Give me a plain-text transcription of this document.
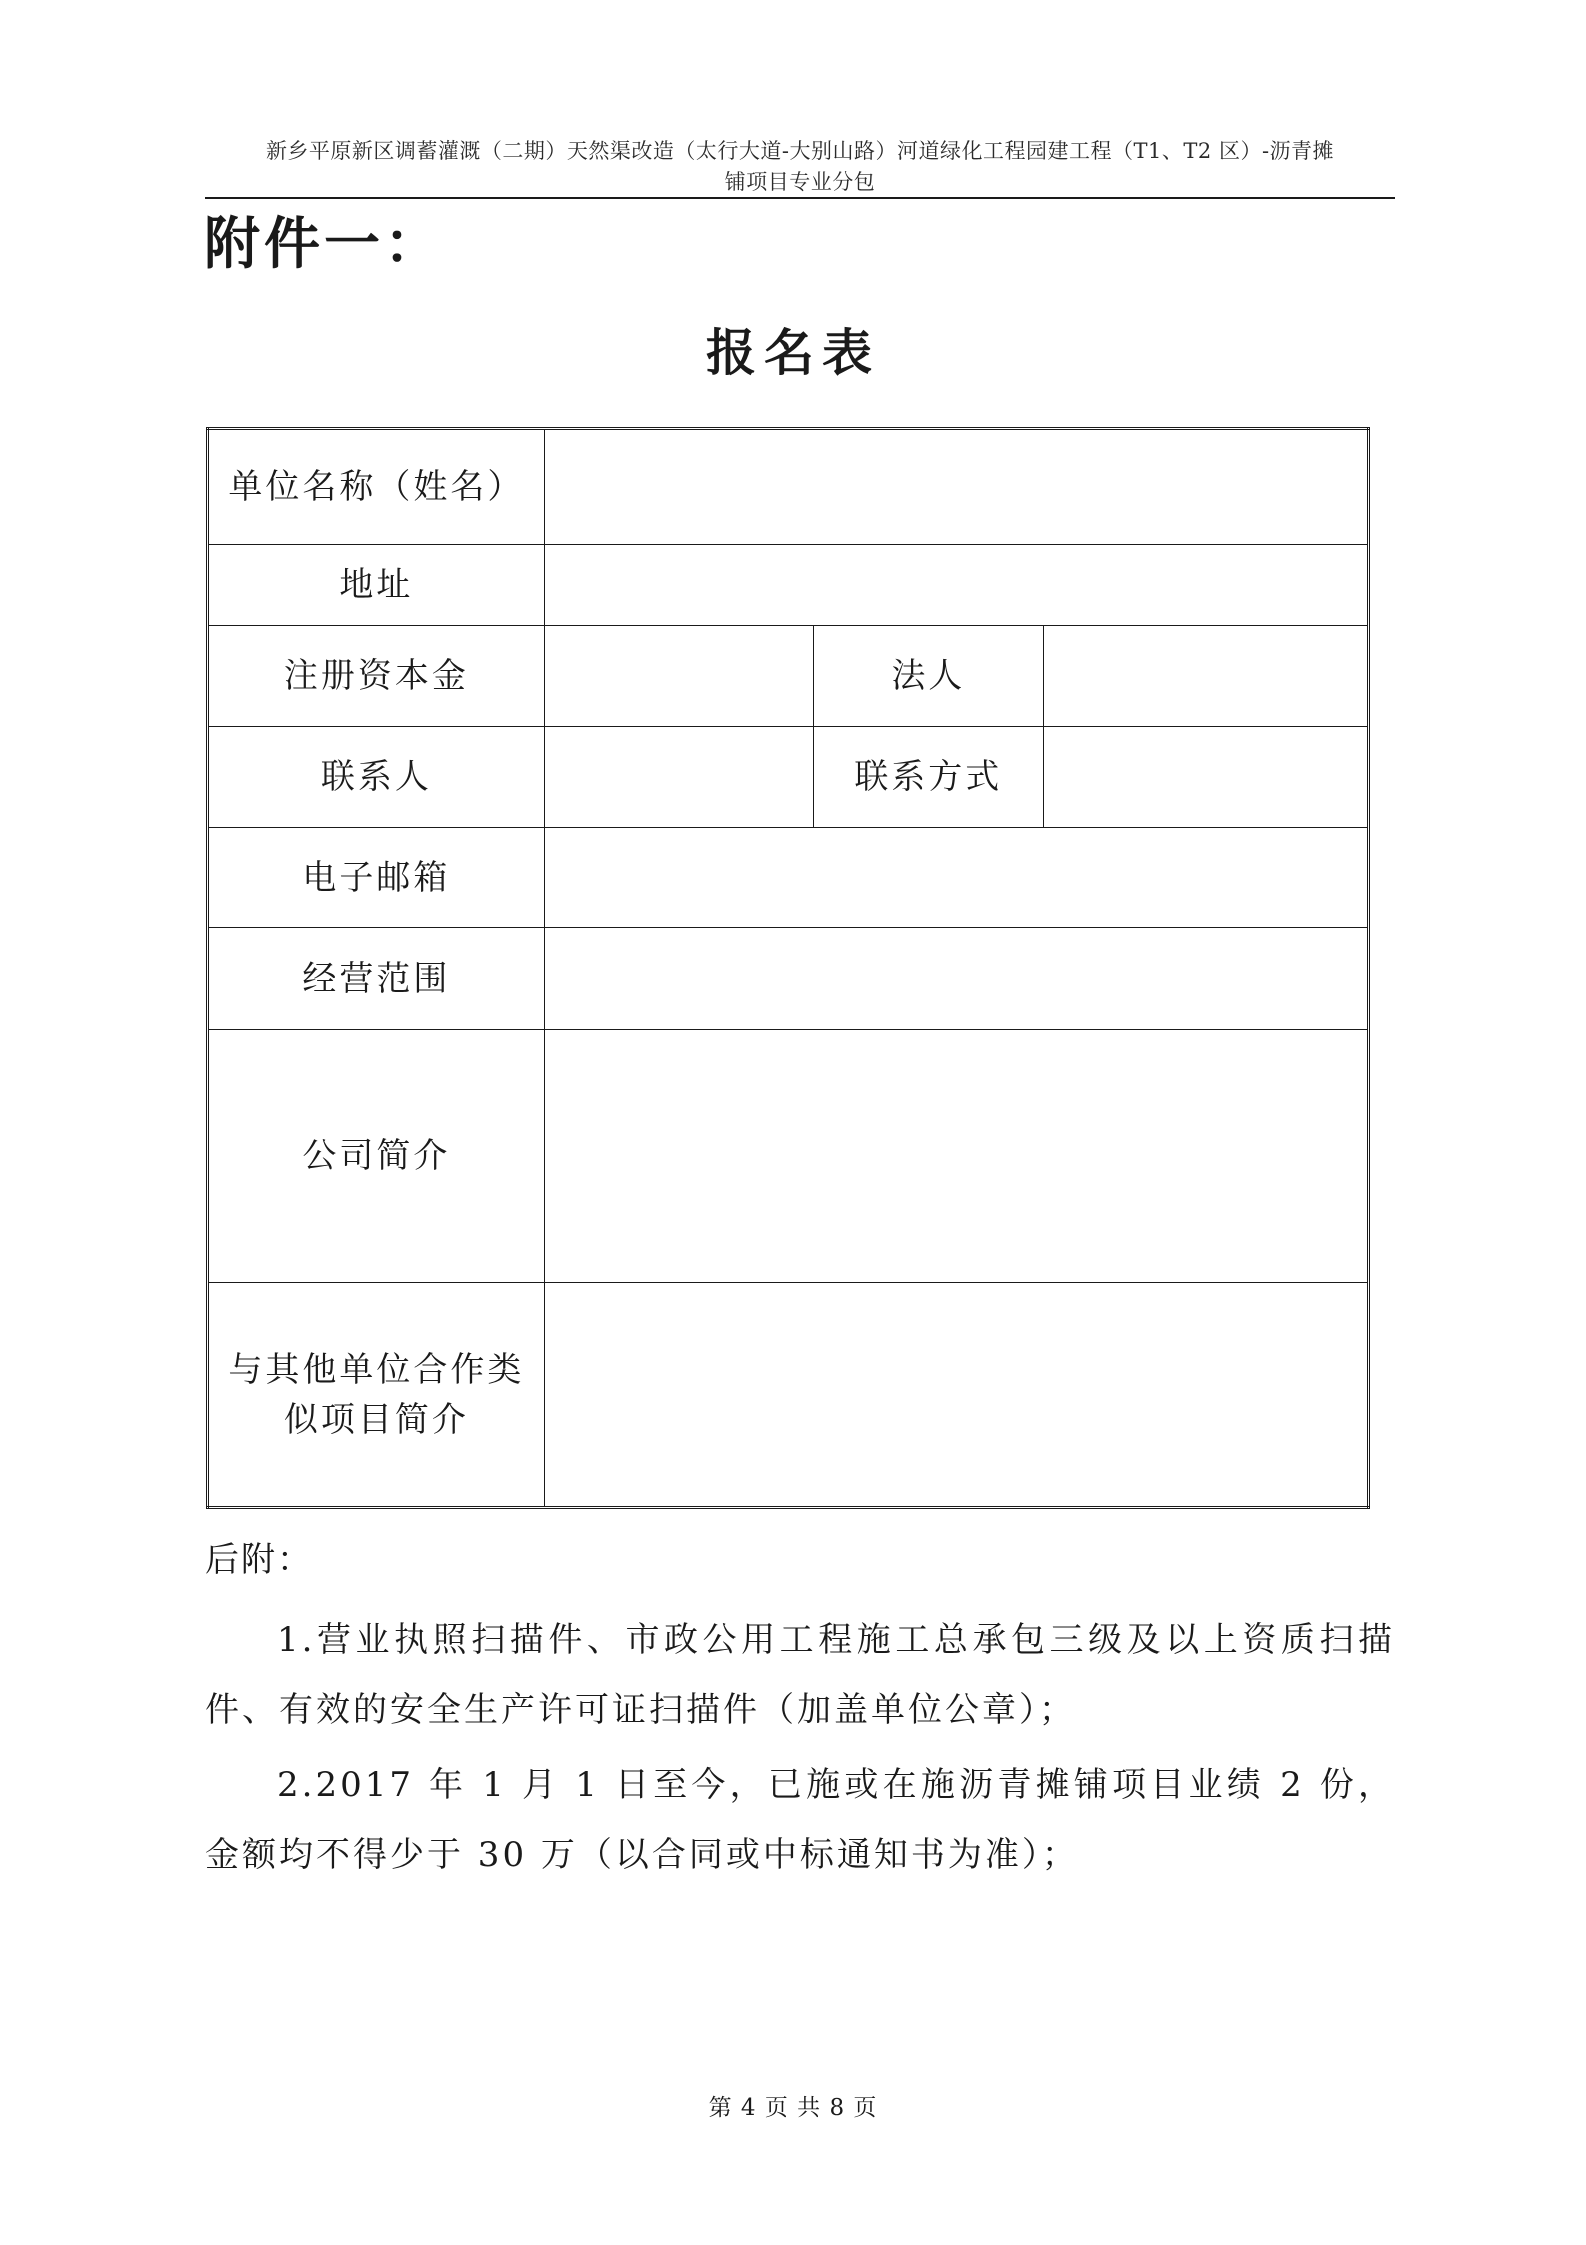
新乡平原新区调蓄灌溉（二期）天然渠改造（太行大道-大别山路）河道绿化工程园建工程（T1、T2 区）-沥青摊
铺项目专业分包
附件一：
报名表
单位名称（姓名）			
地址			
注册资本金		法人	
联系人		联系方式	
电子邮箱			
经营范围			
公司简介			

与其他单位合作类
似项目简介			

后附：
1.营业执照扫描件、市政公用工程施工总承包三级及以上资质扫描件、有效的安全生产许可证扫描件（加盖单位公章）；
2.2017 年 1 月 1 日至今，已施或在施沥青摊铺项目业绩 2 份，金额均不得少于 30 万（以合同或中标通知书为准）；
第 4 页 共 8 页
